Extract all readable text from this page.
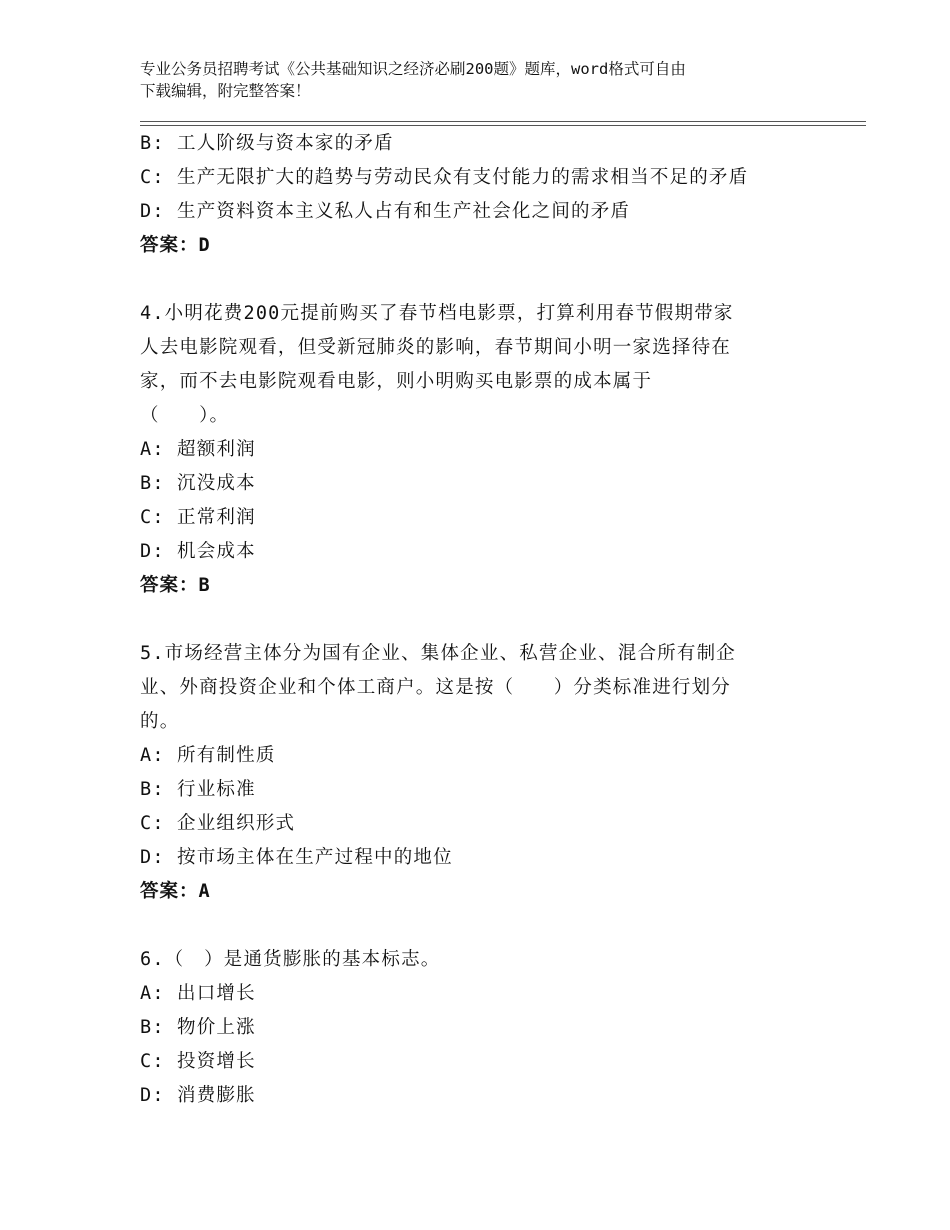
专业公务员招聘考试《公共基础知识之经济必刷200题》题库，word格式可自由
下载编辑，附完整答案！
B: 工人阶级与资本家的矛盾
C: 生产无限扩大的趋势与劳动民众有支付能力的需求相当不足的矛盾
D: 生产资料资本主义私人占有和生产社会化之间的矛盾
答案：D
4.小明花费200元提前购买了春节档电影票，打算利用春节假期带家
人去电影院观看，但受新冠肺炎的影响，春节期间小明一家选择待在
家，而不去电影院观看电影，则小明购买电影票的成本属于
（　　）。
A: 超额利润
B: 沉没成本
C: 正常利润
D: 机会成本
答案：B
5.市场经营主体分为国有企业、集体企业、私营企业、混合所有制企
业、外商投资企业和个体工商户。这是按（　　）分类标准进行划分
的。
A: 所有制性质
B: 行业标准
C: 企业组织形式
D: 按市场主体在生产过程中的地位
答案：A
6.（　）是通货膨胀的基本标志。
A: 出口增长
B: 物价上涨
C: 投资增长
D: 消费膨胀
